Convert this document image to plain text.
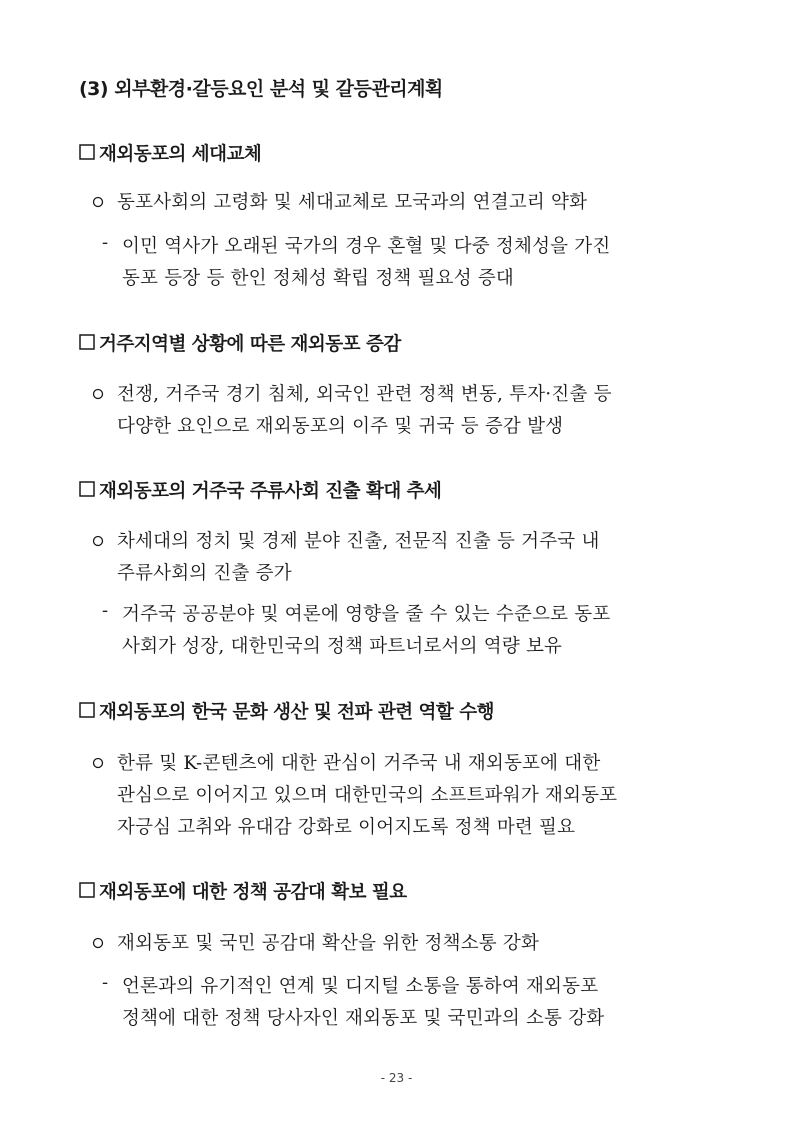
(3) 외부환경·갈등요인 분석 및 갈등관리계획
재외동포의 세대교체
동포사회의 고령화 및 세대교체로 모국과의 연결고리 약화
- 이민 역사가 오래된 국가의 경우 혼혈 및 다중 정체성을 가진
동포 등장 등 한인 정체성 확립 정책 필요성 증대
거주지역별 상황에 따른 재외동포 증감
전쟁, 거주국 경기 침체, 외국인 관련 정책 변동, 투자·진출 등
다양한 요인으로 재외동포의 이주 및 귀국 등 증감 발생
재외동포의 거주국 주류사회 진출 확대 추세
차세대의 정치 및 경제 분야 진출, 전문직 진출 등 거주국 내
주류사회의 진출 증가
- 거주국 공공분야 및 여론에 영향을 줄 수 있는 수준으로 동포
사회가 성장, 대한민국의 정책 파트너로서의 역량 보유
재외동포의 한국 문화 생산 및 전파 관련 역할 수행
한류 및 K-콘텐츠에 대한 관심이 거주국 내 재외동포에 대한
관심으로 이어지고 있으며 대한민국의 소프트파워가 재외동포
자긍심 고취와 유대감 강화로 이어지도록 정책 마련 필요
재외동포에 대한 정책 공감대 확보 필요
재외동포 및 국민 공감대 확산을 위한 정책소통 강화
- 언론과의 유기적인 연계 및 디지털 소통을 통하여 재외동포
정책에 대한 정책 당사자인 재외동포 및 국민과의 소통 강화
- 23 -
